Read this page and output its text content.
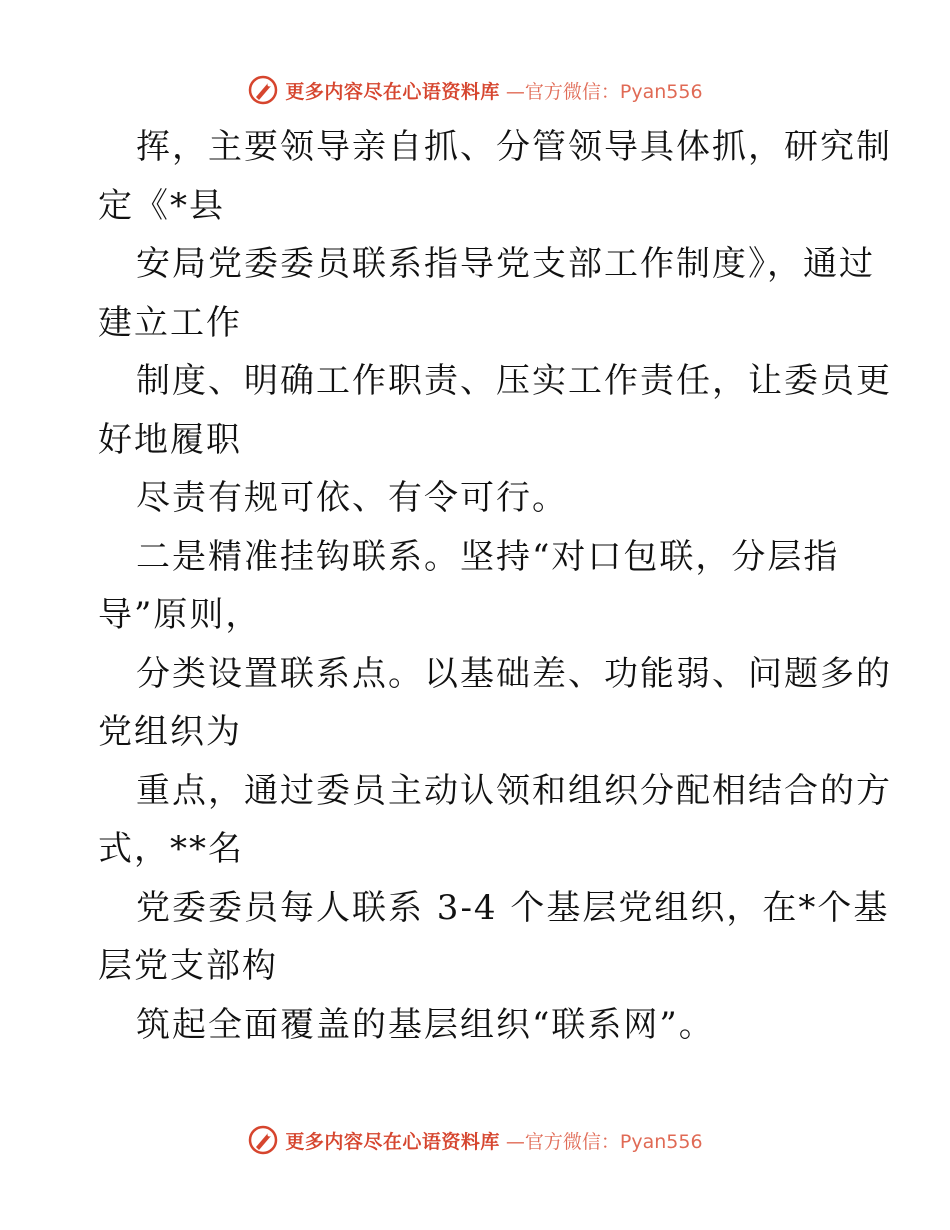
更多内容尽在心语资料库 —官方微信：Pyan556
挥，主要领导亲自抓、分管领导具体抓，研究制
定《*县
安局党委委员联系指导党支部工作制度》，通过
建立工作
制度、明确工作职责、压实工作责任，让委员更
好地履职
尽责有规可依、有令可行。
二是精准挂钩联系。坚持“对口包联，分层指
导”原则，
分类设置联系点。以基础差、功能弱、问题多的
党组织为
重点，通过委员主动认领和组织分配相结合的方
式，**名
党委委员每人联系 3-4 个基层党组织，在*个基
层党支部构
筑起全面覆盖的基层组织“联系网”。
更多内容尽在心语资料库 —官方微信：Pyan556
